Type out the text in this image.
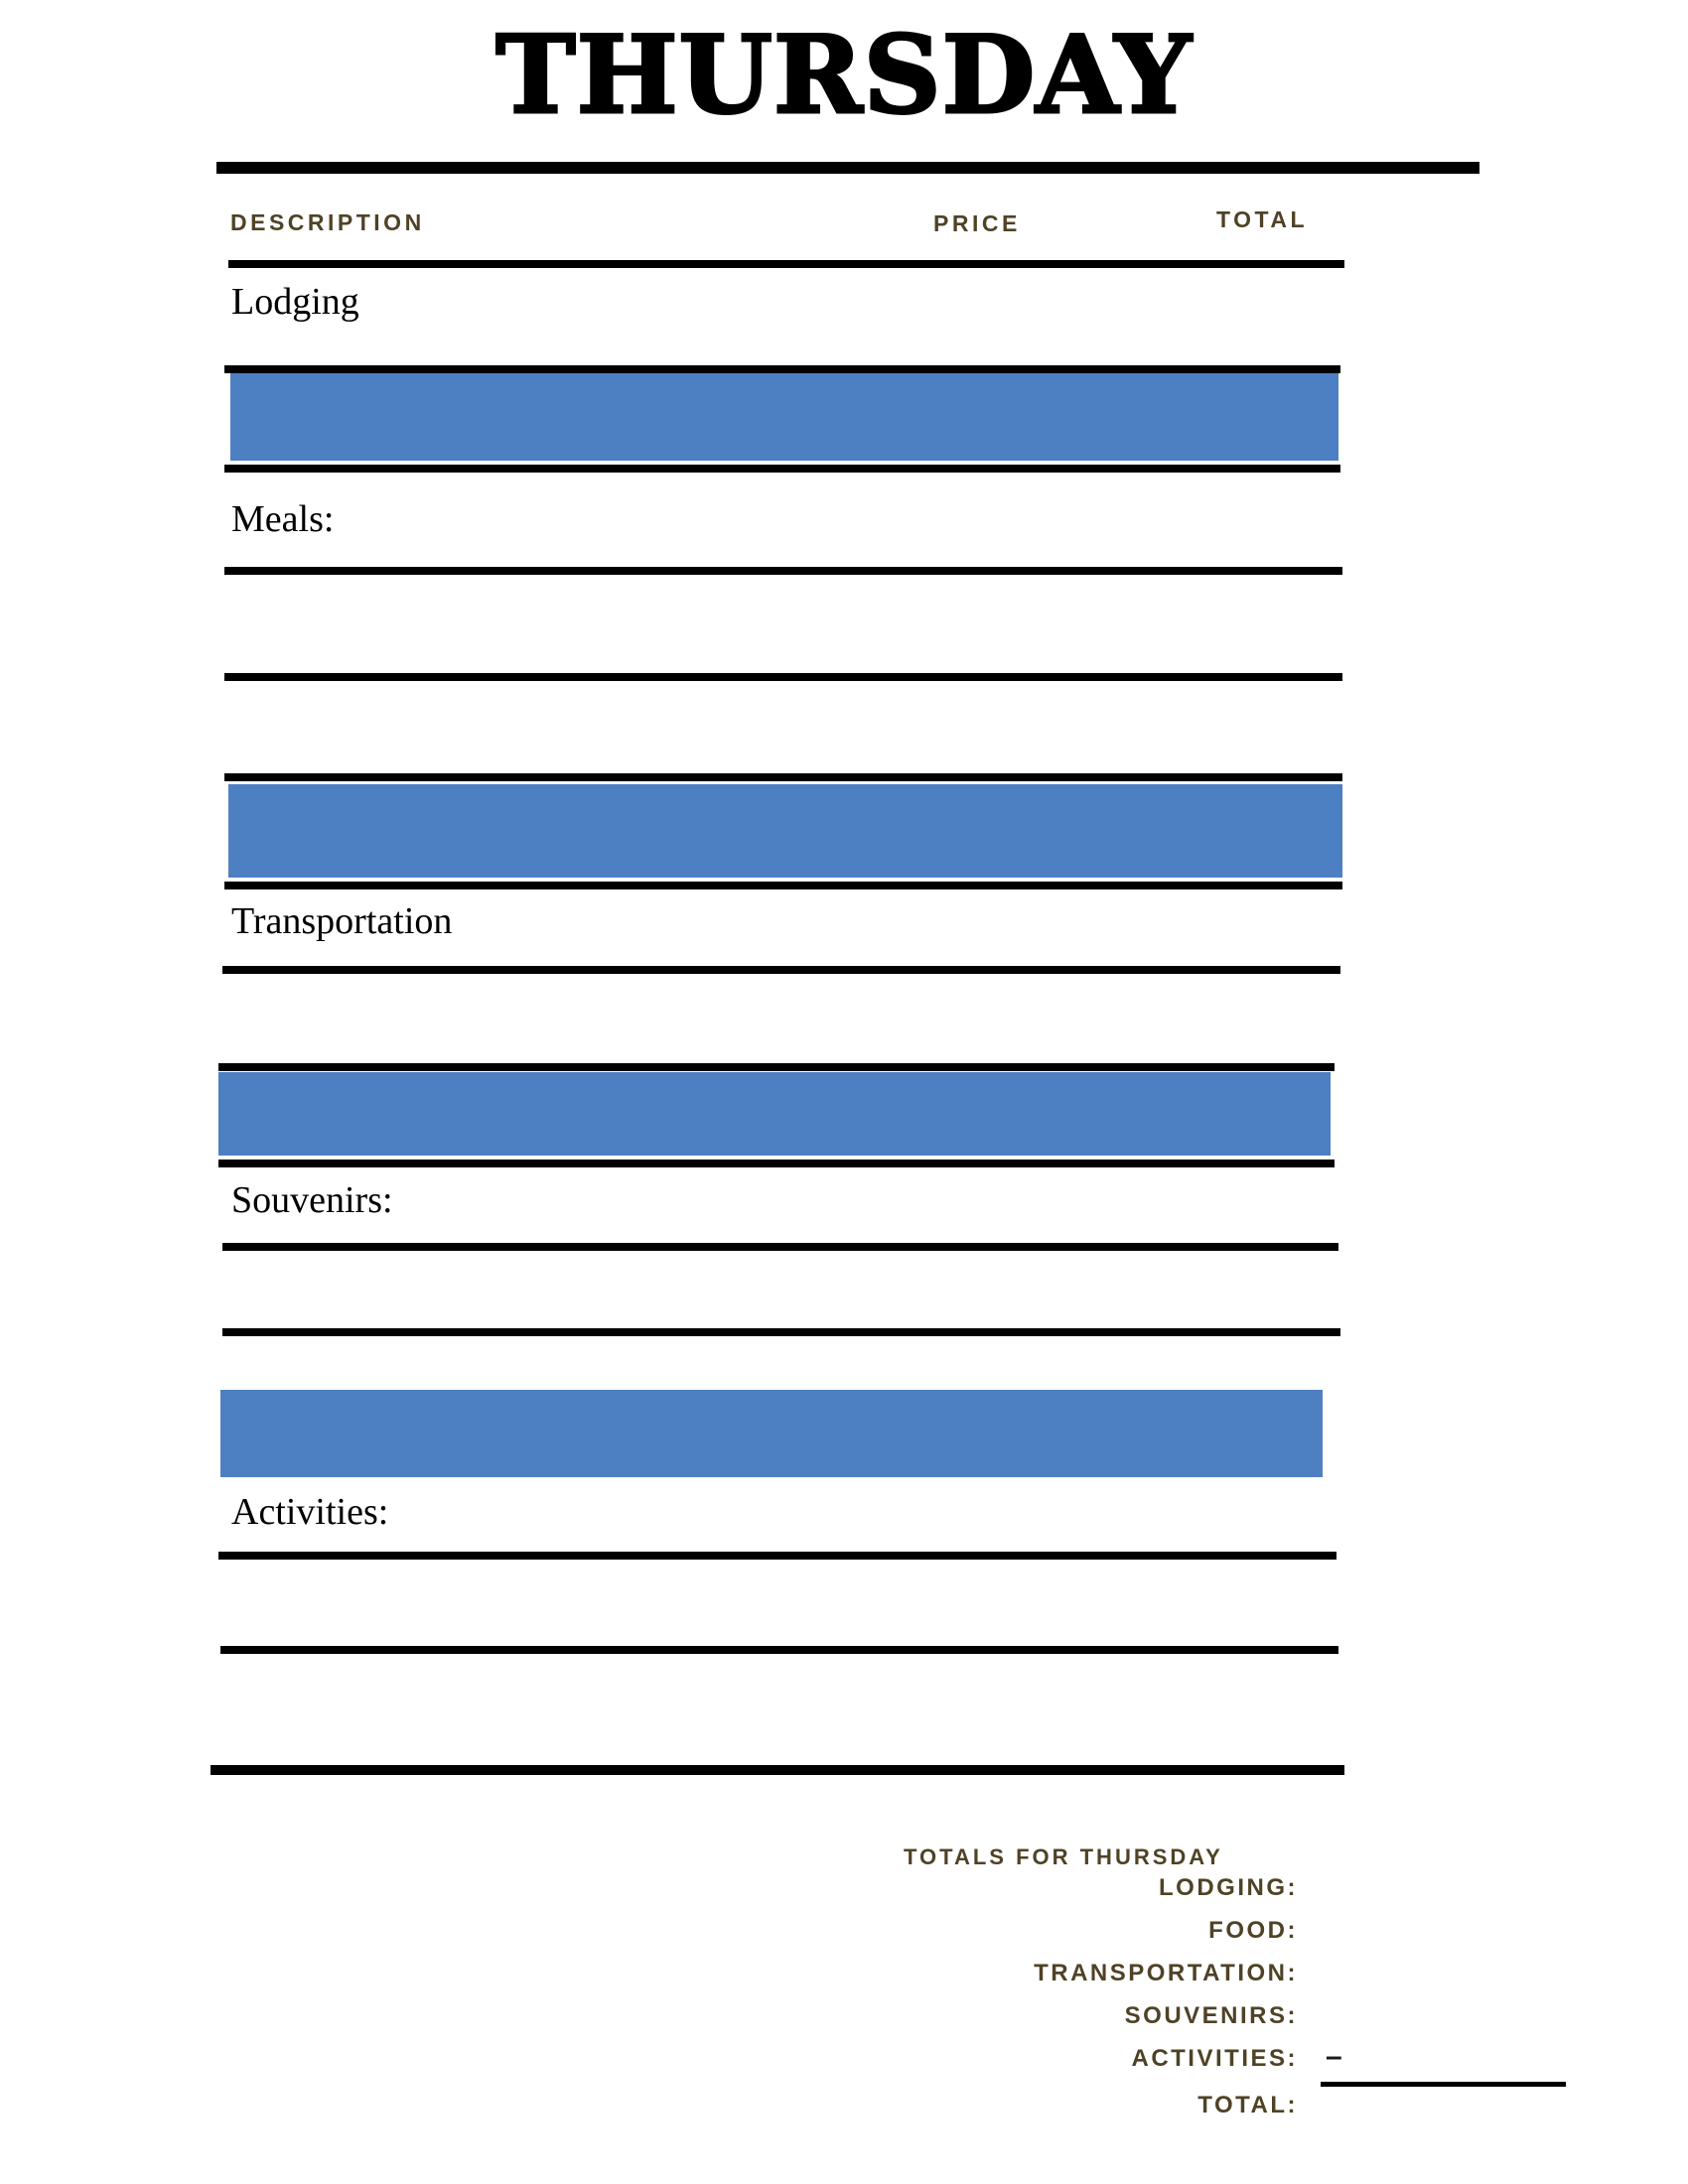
THURSDAY
DESCRIPTION	PRICE	TOTAL
Lodging
Meals:
Transportation
Souvenirs:
Activities:
TOTALS FOR THURSDAY
LODGING:
FOOD:
TRANSPORTATION:
SOUVENIRS:
ACTIVITIES: –
TOTAL:
